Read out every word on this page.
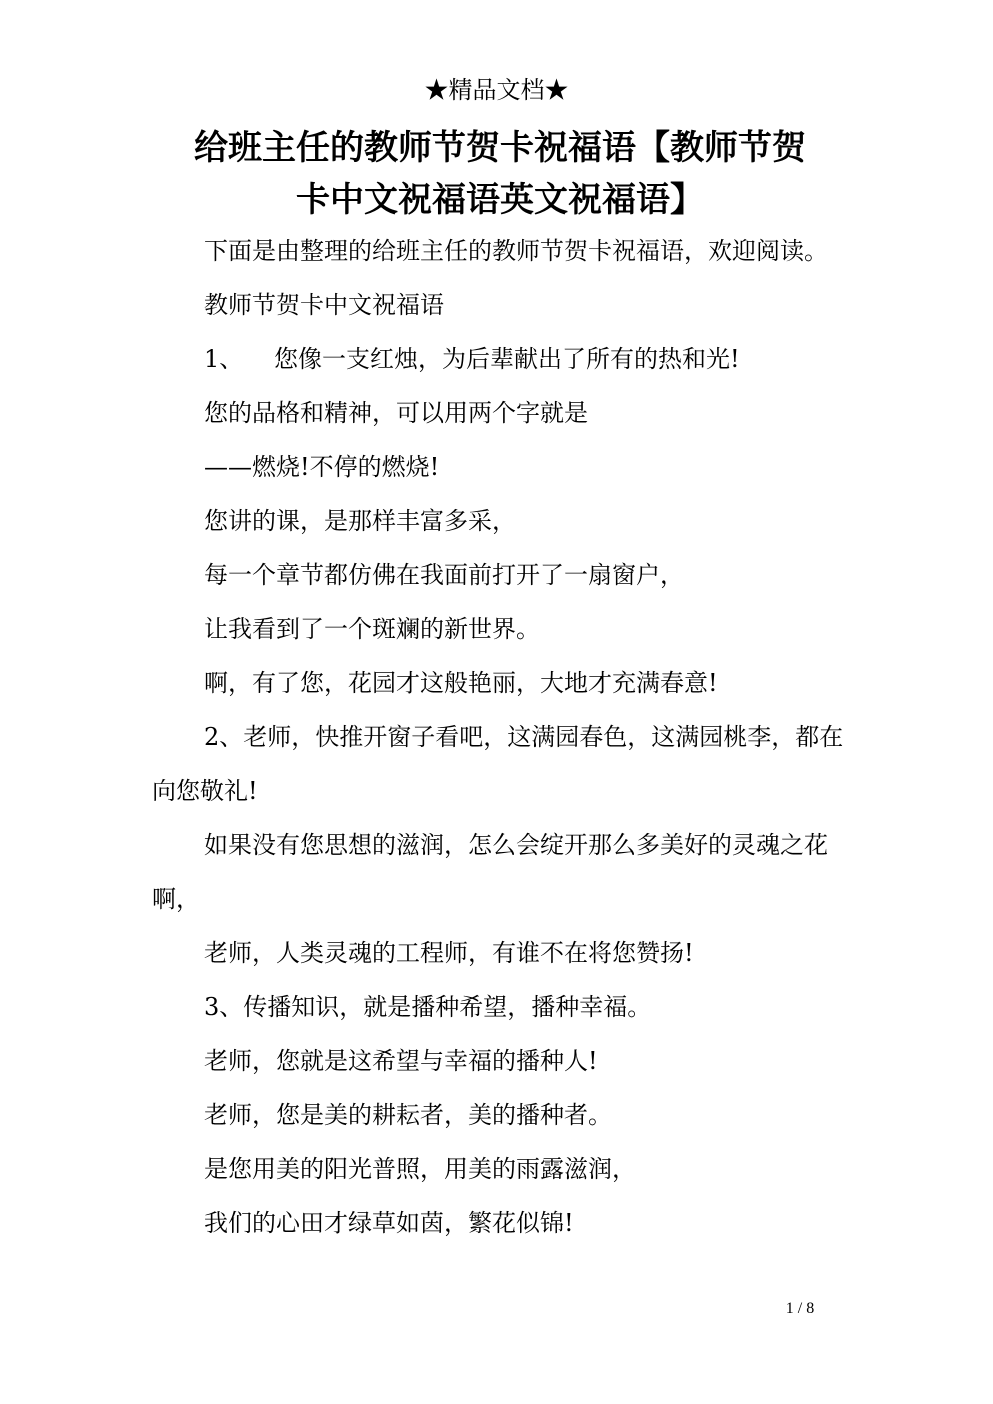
★精品文档★
给班主任的教师节贺卡祝福语【教师节贺
卡中文祝福语英文祝福语】

下面是由整理的给班主任的教师节贺卡祝福语，欢迎阅读。

教师节贺卡中文祝福语

1、 您像一支红烛，为后辈献出了所有的热和光!

您的品格和精神，可以用两个字就是

——燃烧!不停的燃烧!

您讲的课，是那样丰富多采，

每一个章节都仿佛在我面前打开了一扇窗户，

让我看到了一个斑斓的新世界。

啊，有了您，花园才这般艳丽，大地才充满春意!

2、老师，快推开窗子看吧，这满园春色，这满园桃李，都在向您敬礼!

如果没有您思想的滋润，怎么会绽开那么多美好的灵魂之花啊，

老师，人类灵魂的工程师，有谁不在将您赞扬!

3、传播知识，就是播种希望，播种幸福。

老师，您就是这希望与幸福的播种人!

老师，您是美的耕耘者，美的播种者。

是您用美的阳光普照，用美的雨露滋润，

我们的心田才绿草如茵，繁花似锦!

1 / 8
